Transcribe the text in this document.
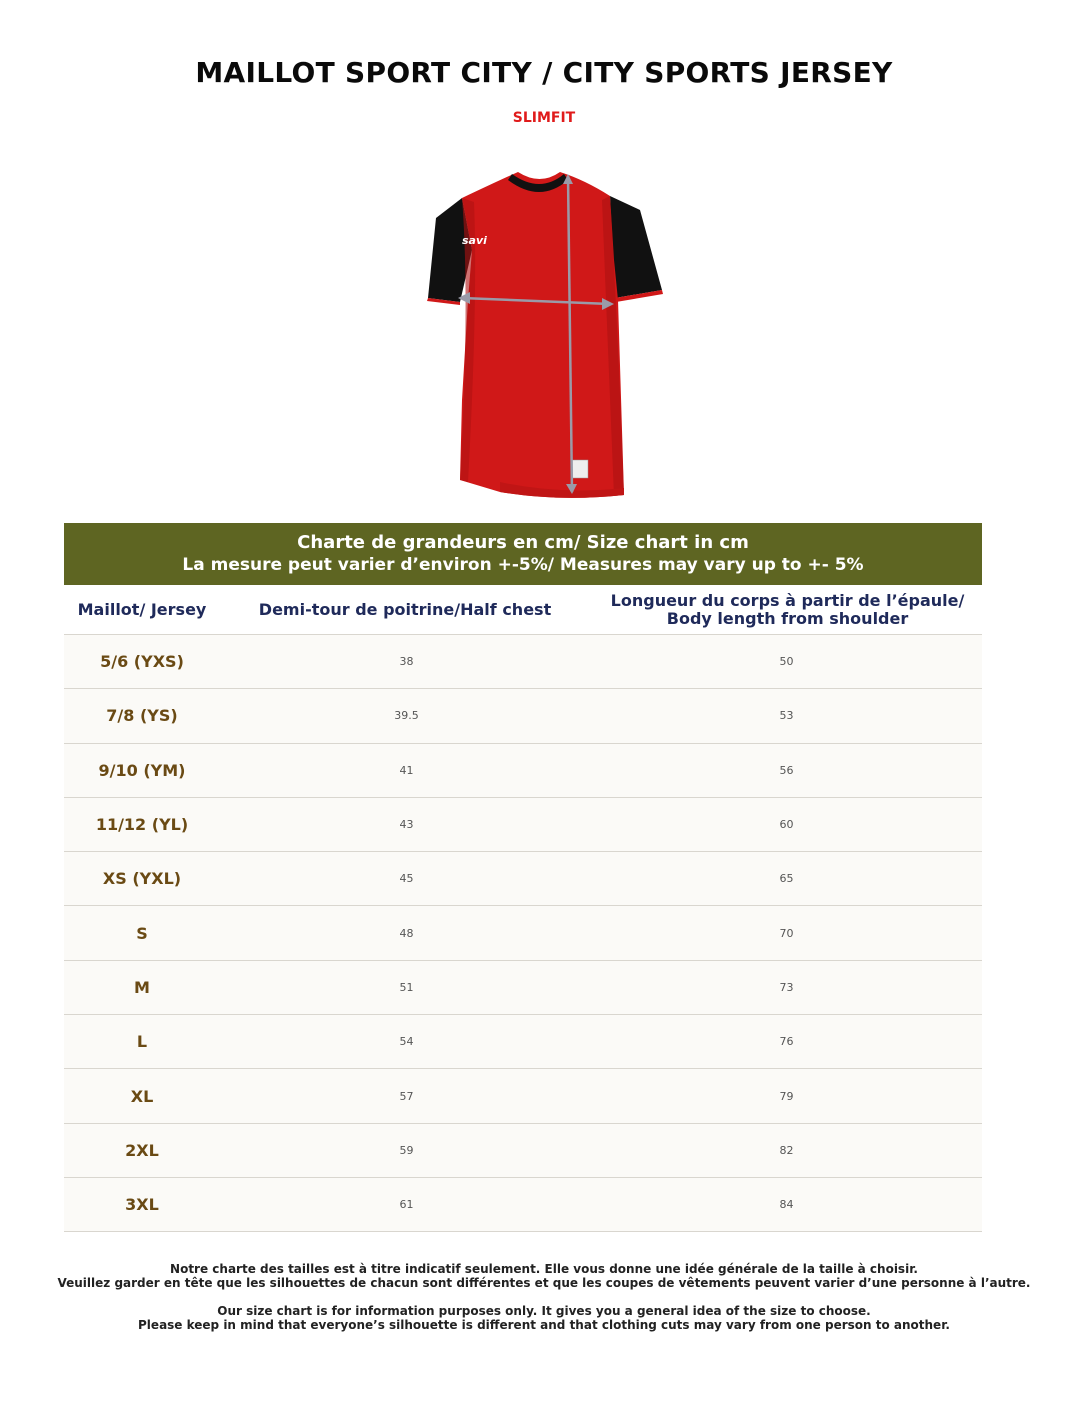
MAILLOT SPORT CITY / CITY SPORTS JERSEY
SLIMFIT
savi
Charte de grandeurs en cm/ Size chart in cm
La mesure peut varier d’environ +-5%/ Measures may vary up to +- 5%
Maillot/ Jersey	Demi-tour de poitrine/Half chest	Longueur du corps à partir de l’épaule/ Body length from shoulder
5/6 (YXS)	38	50
7/8 (YS)	39.5	53
9/10 (YM)	41	56
11/12 (YL)	43	60
XS (YXL)	45	65
S	48	70
M	51	73
L	54	76
XL	57	79
2XL	59	82
3XL	61	84

Notre charte des tailles est à titre indicatif seulement. Elle vous donne une idée générale de la taille à choisir.

Veuillez garder en tête que les silhouettes de chacun sont différentes et que les coupes de vêtements peuvent varier d’une personne à l’autre.

Our size chart is for information purposes only. It gives you a general idea of the size to choose.

Please keep in mind that everyone’s silhouette is different and that clothing cuts may vary from one person to another.
